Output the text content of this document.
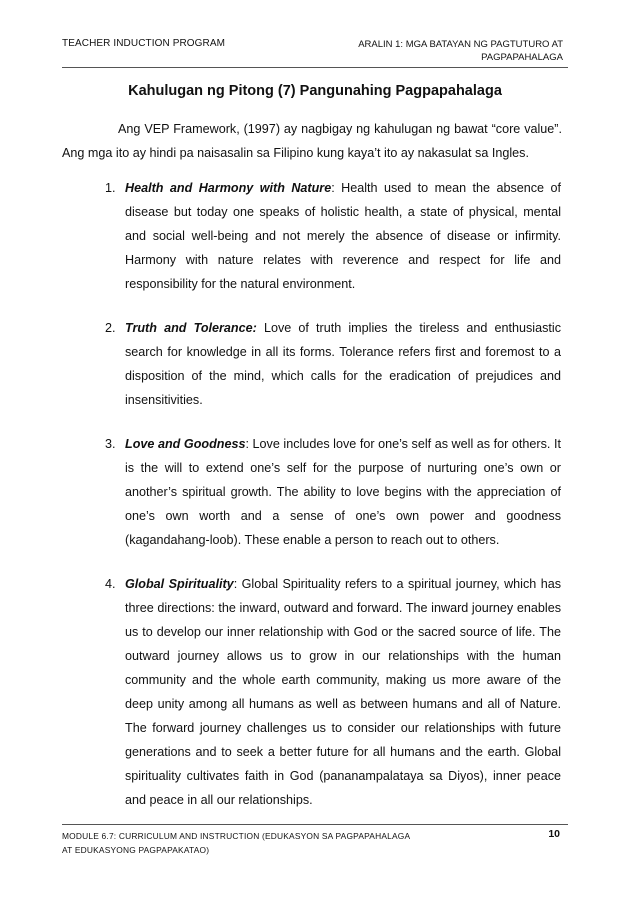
TEACHER INDUCTION PROGRAM	ARALIN 1: MGA BATAYAN NG PAGTUTURO AT
PAGPAPAHALAGA
Kahulugan ng Pitong (7) Pangunahing Pagpapahalaga

Ang VEP Framework, (1997) ay nagbigay ng kahulugan ng bawat “core value”. Ang mga ito ay hindi pa naisasalin sa Filipino kung kaya’t ito ay nakasulat sa Ingles.

1. Health and Harmony with Nature: Health used to mean the absence of disease but today one speaks of holistic health, a state of physical, mental and social well-being and not merely the absence of disease or infirmity. Harmony with nature relates with reverence and respect for life and responsibility for the natural environment.
2. Truth and Tolerance: Love of truth implies the tireless and enthusiastic search for knowledge in all its forms. Tolerance refers first and foremost to a disposition of the mind, which calls for the eradication of prejudices and insensitivities.
3. Love and Goodness: Love includes love for one’s self as well as for others. It is the will to extend one’s self for the purpose of nurturing one’s own or another’s spiritual growth. The ability to love begins with the appreciation of one’s own worth and a sense of one’s own power and goodness (kagandahang-loob). These enable a person to reach out to others.
4. Global Spirituality: Global Spirituality refers to a spiritual journey, which has three directions: the inward, outward and forward. The inward journey enables us to develop our inner relationship with God or the sacred source of life. The outward journey allows us to grow in our relationships with the human community and the whole earth community, making us more aware of the deep unity among all humans as well as between humans and all of Nature. The forward journey challenges us to consider our relationships with future generations and to seek a better future for all humans and the earth. Global spirituality cultivates faith in God (pananampalataya sa Diyos), inner peace and peace in all our relationships.
MODULE 6.7: CURRICULUM AND INSTRUCTION (EDUKASYON SA PAGPAPAHALAGA
AT EDUKASYONG PAGPAPAKATAO)
10
